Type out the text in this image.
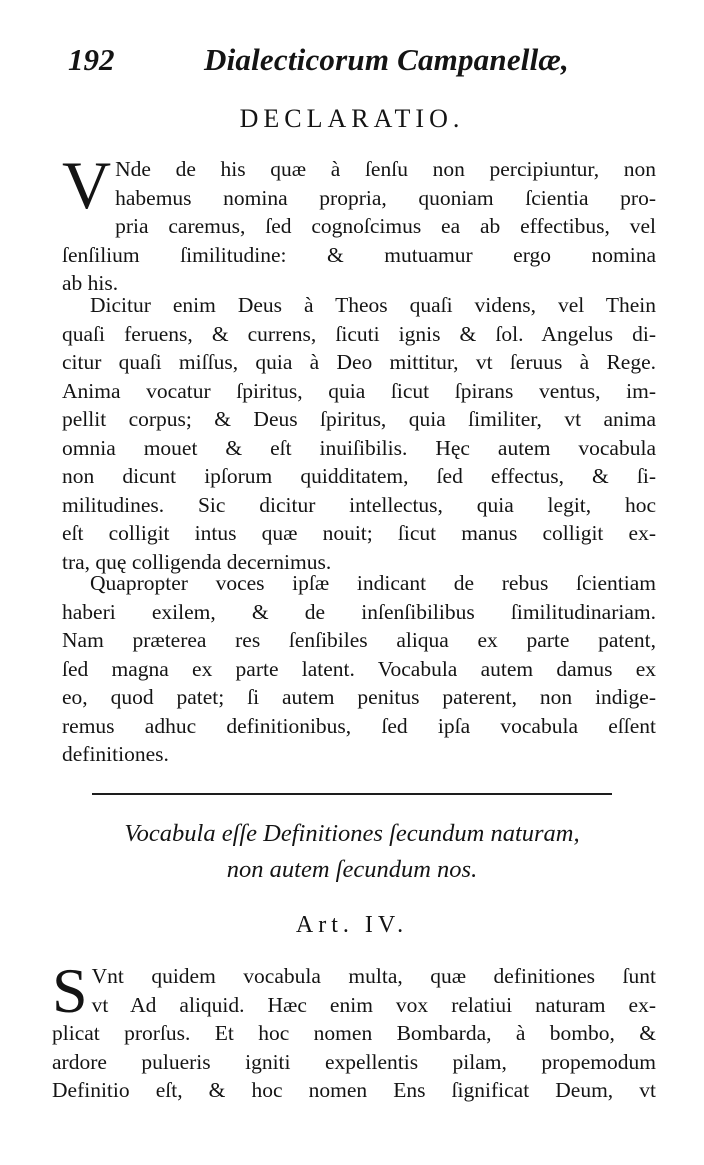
192	Dialecticorum Campanellæ,
DECLARATIO.
V Nde de his quæ à ſenſu non percipiuntur, non
habemus nomina propria, quoniam ſcientia pro-
pria caremus, ſed cognoſcimus ea ab effectibus, vel
ſenſilium ſimilitudine: & mutuamur ergo nomina
ab his.
Dicitur enim Deus à Theos quaſi videns, vel Thein
quaſi feruens, & currens, ſicuti ignis & ſol. Angelus di-
citur quaſi miſſus, quia à Deo mittitur, vt ſeruus à Rege.
Anima vocatur ſpiritus, quia ſicut ſpirans ventus, im-
pellit corpus; & Deus ſpiritus, quia ſimiliter, vt anima
omnia mouet & eſt inuiſibilis. Hęc autem vocabula
non dicunt ipſorum quidditatem, ſed effectus, & ſi-
militudines. Sic dicitur intellectus, quia legit, hoc
eſt colligit intus quæ nouit; ſicut manus colligit ex-
tra, quę colligenda decernimus.
Quapropter voces ipſæ indicant de rebus ſcientiam
haberi exilem, & de inſenſibilibus ſimilitudinariam.
Nam præterea res ſenſibiles aliqua ex parte patent,
ſed magna ex parte latent. Vocabula autem damus ex
eo, quod patet; ſi autem penitus paterent, non indige-
remus adhuc definitionibus, ſed ipſa vocabula eſſent
definitiones.
Vocabula eſſe Definitiones ſecundum naturam,
non autem ſecundum nos.
Art. IV.
S Vnt quidem vocabula multa, quæ definitiones ſunt
vt Ad aliquid. Hæc enim vox relatiui naturam ex-
plicat prorſus. Et hoc nomen Bombarda, à bombo, &
ardore pulueris igniti expellentis pilam, propemodum
Definitio eſt, & hoc nomen Ens ſignificat Deum, vt
